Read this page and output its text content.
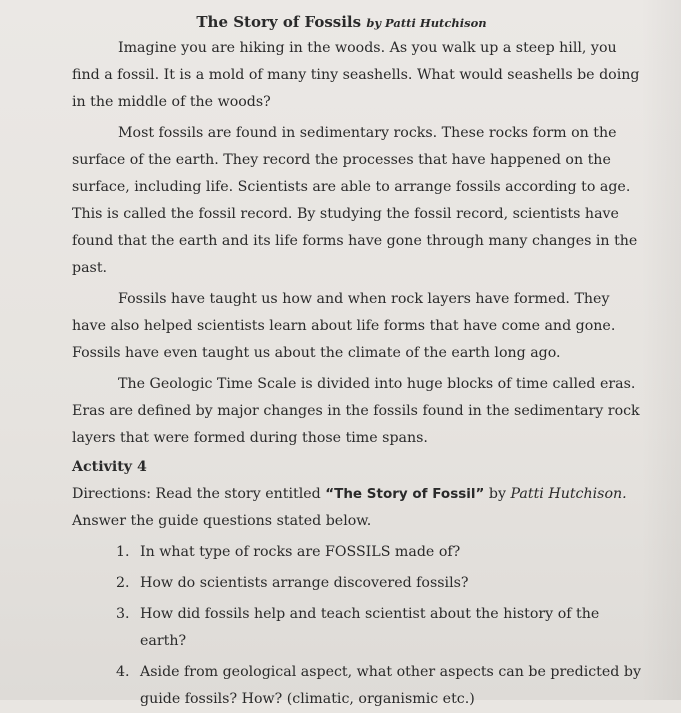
The Story of Fossils by Patti Hutchison

Imagine you are hiking in the woods. As you walk up a steep hill, you find a fossil. It is a mold of many tiny seashells. What would seashells be doing in the middle of the woods?

Most fossils are found in sedimentary rocks. These rocks form on the surface of the earth. They record the processes that have happened on the surface, including life. Scientists are able to arrange fossils according to age. This is called the fossil record. By studying the fossil record, scientists have found that the earth and its life forms have gone through many changes in the past.

Fossils have taught us how and when rock layers have formed. They have also helped scientists learn about life forms that have come and gone. Fossils have even taught us about the climate of the earth long ago.

The Geologic Time Scale is divided into huge blocks of time called eras. Eras are defined by major changes in the fossils found in the sedimentary rock layers that were formed during those time spans.

Activity 4

Directions: Read the story entitled “The Story of Fossil” by Patti Hutchison. Answer the guide questions stated below.

1. In what type of rocks are FOSSILS made of?
2. How do scientists arrange discovered fossils?
3. How did fossils help and teach scientist about the history of the earth?
4. Aside from geological aspect, what other aspects can be predicted by guide fossils? How? (climatic, organismic etc.)
